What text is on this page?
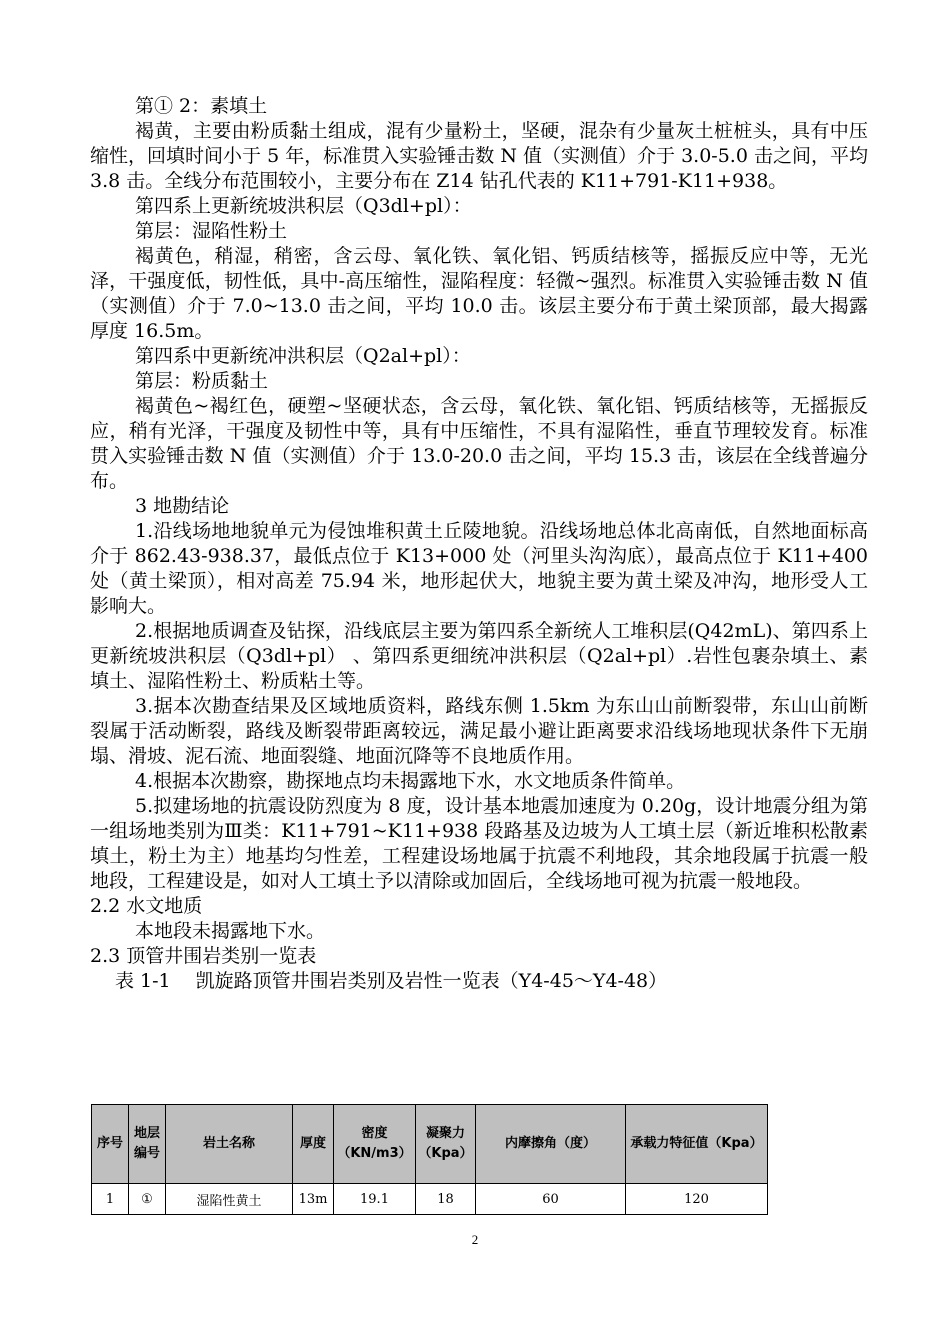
第① 2：素填土

褐黄，主要由粉质黏土组成，混有少量粉土，坚硬，混杂有少量灰土桩桩头，具有中压缩性，回填时间小于 5 年，标准贯入实验锤击数 N 值（实测值）介于 3.0-5.0 击之间，平均 3.8 击。全线分布范围较小，主要分布在 Z14 钻孔代表的 K11+791-K11+938。

第四系上更新统坡洪积层（Q3dl+pl）：

第层：湿陷性粉土

褐黄色，稍湿，稍密，含云母、氧化铁、氧化铝、钙质结核等，摇振反应中等，无光泽，干强度低，韧性低，具中-高压缩性，湿陷程度：轻微~强烈。标准贯入实验锤击数 N 值（实测值）介于 7.0~13.0 击之间，平均 10.0 击。该层主要分布于黄土梁顶部，最大揭露厚度 16.5m。

第四系中更新统冲洪积层（Q2al+pl）：

第层：粉质黏土

褐黄色~褐红色，硬塑~坚硬状态，含云母，氧化铁、氧化铝、钙质结核等，无摇振反应，稍有光泽，干强度及韧性中等，具有中压缩性，不具有湿陷性，垂直节理较发育。标准贯入实验锤击数 N 值（实测值）介于 13.0-20.0 击之间，平均 15.3 击，该层在全线普遍分布。

3 地勘结论

1.沿线场地地貌单元为侵蚀堆积黄土丘陵地貌。沿线场地总体北高南低，自然地面标高介于 862.43-938.37，最低点位于 K13+000 处（河里头沟沟底），最高点位于 K11+400 处（黄土梁顶），相对高差 75.94 米，地形起伏大，地貌主要为黄土梁及冲沟，地形受人工影响大。

2.根据地质调查及钻探，沿线底层主要为第四系全新统人工堆积层(Q42mL)、第四系上更新统坡洪积层（Q3dl+pl） 、第四系更细统冲洪积层（Q2al+pl）.岩性包裹杂填土、素填土、湿陷性粉土、粉质粘土等。

3.据本次勘查结果及区域地质资料，路线东侧 1.5km 为东山山前断裂带，东山山前断裂属于活动断裂，路线及断裂带距离较远，满足最小避让距离要求沿线场地现状条件下无崩塌、滑坡、泥石流、地面裂缝、地面沉降等不良地质作用。

4.根据本次勘察，勘探地点均未揭露地下水，水文地质条件简单。

5.拟建场地的抗震设防烈度为 8 度，设计基本地震加速度为 0.20g，设计地震分组为第一组场地类别为Ⅲ类：K11+791~K11+938 段路基及边坡为人工填土层（新近堆积松散素填土，粉土为主）地基均匀性差，工程建设场地属于抗震不利地段，其余地段属于抗震一般地段，工程建设是，如对人工填土予以清除或加固后，全线场地可视为抗震一般地段。

2.2 水文地质

本地段未揭露地下水。

2.3 顶管井围岩类别一览表

表 1-1　 凯旋路顶管井围岩类别及岩性一览表（Y4-45～Y4-48）

序号	地层编号	岩土名称	厚度	密度（KN/m3）	凝聚力（Kpa）	内摩擦角（度）	承载力特征值（Kpa）
1	①	湿陷性黄土	13m	19.1	18	60	120
2
